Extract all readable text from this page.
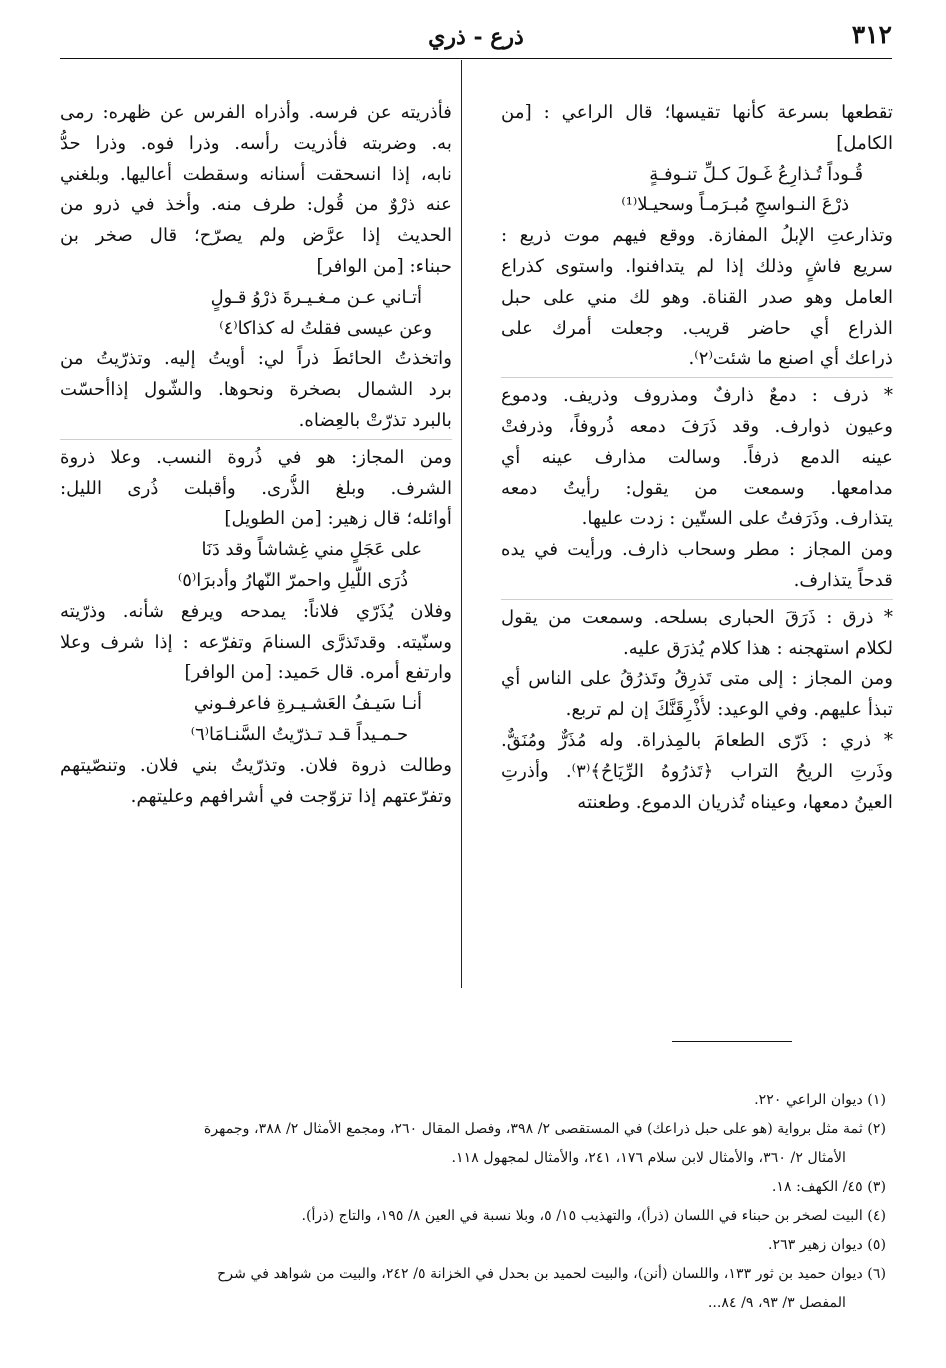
٣١٢
ذرع - ذري
تقطعها بسرعة كأنها تقيسها؛ قال الراعي : [من
الكامل]
قُـوداً تُـذارِعُ غَـولَ كـلِّ تنـوفـةٍ
ذرْعَ النـواسجِ مُبـرَمـاً وسحيـلا⁽¹⁾
وتذارعتِ الإبلُ المفازة. ووقع فيهم موت ذريع :
سريع فاشٍ وذلك إذا لم يتدافنوا. واستوى كذراع
العامل وهو صدر القناة. وهو لك مني على حبل
الذراع أي حاضر قريب. وجعلت أمرك على
ذراعك أي اصنع ما شئت⁽٢⁾.
* ذرف : دمعٌ ذارفٌ ومذروف وذريف. ودموع
وعيون ذوارف. وقد ذَرَفَ دمعه ذُروفاً، وذرفتْ
عينه الدمع ذرفاً. وسالت مذارف عينه أي
مدامعها. وسمعت من يقول: رأيتُ دمعه
يتذارف. وذَرَفتُ على الستّين : زدت عليها.
ومن المجاز : مطر وسحاب ذارف. ورأيت في يده
قدحاً يتذارف.
* ذرق : ذَرَقَ الحبارى بسلحه. وسمعت من يقول
لكلام استهجنه : هذا كلام يُذرَق عليه.
ومن المجاز : إلى متى تَذرِقُ وتَذرُقُ على الناس أي
تبذأ عليهم. وفي الوعيد: لأُذْرِقَنَّكَ إن لم تربع.
* ذري : ذَرّى الطعامَ بالمِذراة. وله مُذَرٌّ ومُنَقٌّ.
وذَرتِ الريحُ التراب ﴿تَذرُوهُ الرِّيَاحُ﴾⁽٣⁾. وأذرتِ
العينُ دمعها، وعيناه تُذريان الدموع. وطعنته
فأذريته عن فرسه. وأذراه الفرس عن ظهره: رمى
به. وضربته فأذريت رأسه. وذرا فوه. وذرا حدُّ
نابه، إذا انسحقت أسنانه وسقطت أعاليها. وبلغني
عنه ذرْوٌ من قُول: طرف منه. وأخذ في ذرو من
الحديث إذا عرَّض ولم يصرّح؛ قال صخر بن
حبناء: [من الوافر]
أتـاني عـن مـغـيـرةَ ذرْوُ قـولٍ
وعن عيسى فقلتُ له كذاكا⁽٤⁾
واتخذتُ الحائطَ ذراً لي: أويتُ إليه. وتذرّيتُ من
برد الشمال بصخرة ونحوها. والشّول إذاأحسّت
بالبرد تذرّتْ بالعِضاه.
ومن المجاز: هو في ذُروة النسب. وعلا ذروة
الشرف. وبلغ الذُّرى. وأقبلت ذُرى الليل:
أوائله؛ قال زهير: [من الطويل]
على عَجَلٍ مني غِشاشاً وقد دَنَا
ذُرَى اللّيلِ واحمرّ النّهارُ وأدبرَا⁽٥⁾
وفلان يُذَرّي فلاناً: يمدحه ويرفع شأنه. وذرّيته
وسنّيته. وقدتَذرَّى السنامَ وتفرّعه : إذا شرف وعلا
وارتفع أمره. قال حَميد: [من الوافر]
أنـا سَيـفُ العَشـيـرةِ فاعرفـوني
حـمـيداً قـد تـذرّيتُ السَّنـامَا⁽٦⁾
وطالت ذروة فلان. وتذرّيتُ بني فلان. وتنصّيتهم
وتفرّعتهم إذا تزوّجت في أشرافهم وعليتهم.
(١) ديوان الراعي ٢٢٠.
(٢) ثمة مثل برواية (هو على حبل ذراعك) في المستقصى ٢/ ٣٩٨، وفصل المقال ٢٦٠، ومجمع الأمثال ٢/ ٣٨٨، وجمهرة
الأمثال ٢/ ٣٦٠، والأمثال لابن سلام ١٧٦، ٢٤١، والأمثال لمجهول ١١٨.
(٣) ٤٥/ الكهف: ١٨.
(٤) البيت لصخر بن حبناء في اللسان (ذرأ)، والتهذيب ١٥/ ٥، وبلا نسبة في العين ٨/ ١٩٥، والتاج (ذرأ).
(٥) ديوان زهير ٢٦٣.
(٦) ديوان حميد بن ثور ١٣٣، واللسان (أنن)، والبيت لحميد بن بحدل في الخزانة ٥/ ٢٤٢، والبيت من شواهد في شرح
المفصل ٣/ ٩٣، ٩/ ٨٤...
